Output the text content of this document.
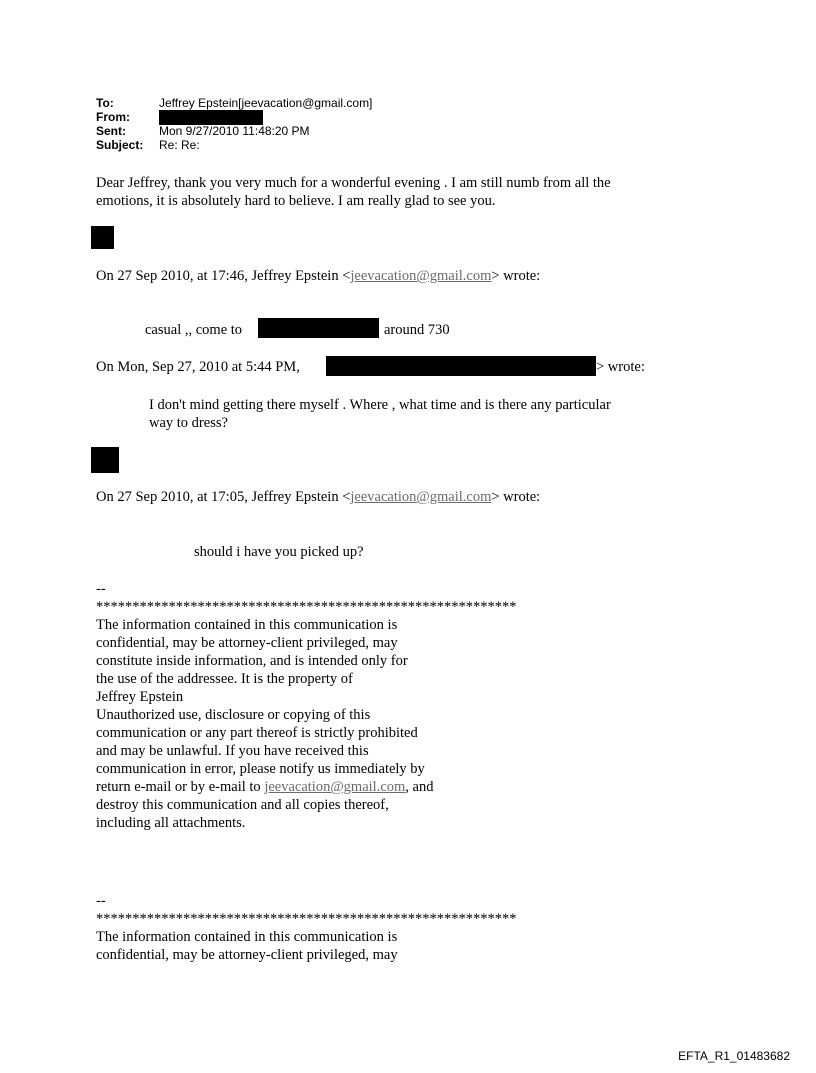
To:	Jeffrey Epstein[jeevacation@gmail.com]
From:
Sent:	Mon 9/27/2010 11:48:20 PM
Subject:	Re: Re:
Dear Jeffrey, thank you very much for a wonderful evening . I am still numb from all the
emotions, it is absolutely hard to believe. I am really glad to see you.
On 27 Sep 2010, at 17:46, Jeffrey Epstein <jeevacation@gmail.com> wrote:
casual ,, come to	around 730
On Mon, Sep 27, 2010 at 5:44 PM,	> wrote:
I don't mind getting there myself . Where , what time and is there any particular
way to dress?
On 27 Sep 2010, at 17:05, Jeffrey Epstein <jeevacation@gmail.com> wrote:
should i have you picked up?
--
**********************************************************
The information contained in this communication is
confidential, may be attorney-client privileged, may
constitute inside information, and is intended only for
the use of the addressee. It is the property of
Jeffrey Epstein
Unauthorized use, disclosure or copying of this
communication or any part thereof is strictly prohibited
and may be unlawful. If you have received this
communication in error, please notify us immediately by
return e-mail or by e-mail to jeevacation@gmail.com, and
destroy this communication and all copies thereof,
including all attachments.
--
**********************************************************
The information contained in this communication is
confidential, may be attorney-client privileged, may
EFTA_R1_01483682
